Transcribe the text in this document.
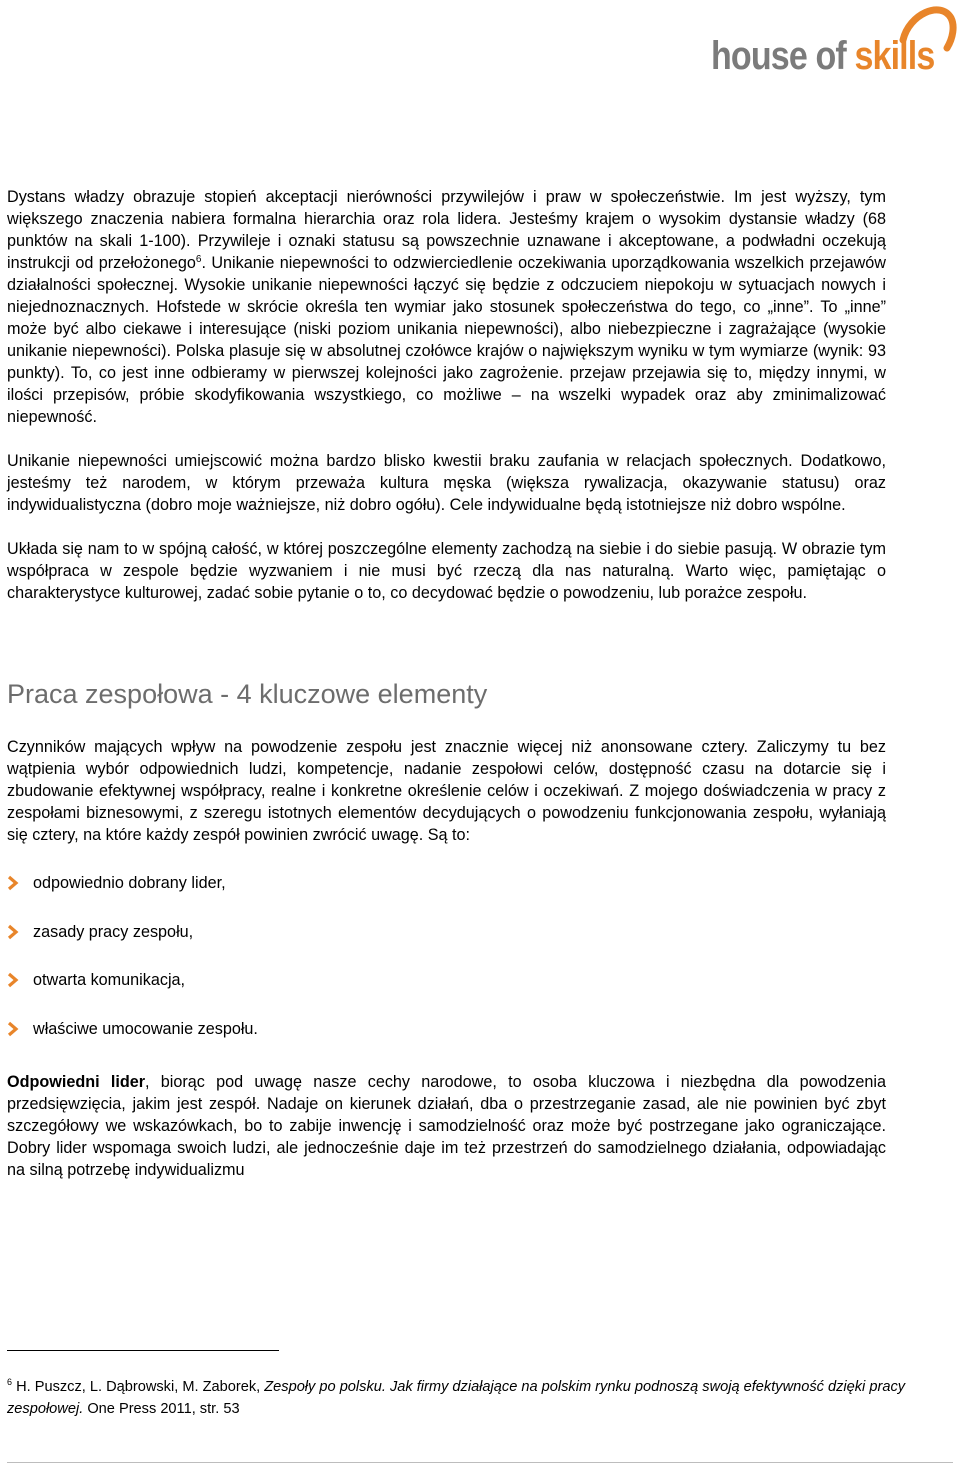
house of skills

Dystans władzy obrazuje stopień akceptacji nierówności przywilejów i praw w społeczeństwie. Im jest wyższy, tym większego znaczenia nabiera formalna hierarchia oraz rola lidera. Jesteśmy krajem o wysokim dystansie władzy (68 punktów na skali 1-100). Przywileje i oznaki statusu są powszechnie uznawane i akceptowane, a podwładni oczekują instrukcji od przełożonego$^6$. Unikanie niepewności to odzwierciedlenie oczekiwania uporządkowania wszelkich przejawów działalności społecznej. Wysokie unikanie niepewności łączyć się będzie z odczuciem niepokoju w sytuacjach nowych i niejednoznacznych. Hofstede w skrócie określa ten wymiar jako stosunek społeczeństwa do tego, co „inne”. To „inne” może być albo ciekawe i interesujące (niski poziom unikania niepewności), albo niebezpieczne i zagrażające (wysokie unikanie niepewności). Polska plasuje się w absolutnej czołówce krajów o największym wyniku w tym wymiarze (wynik: 93 punkty). To, co jest inne odbieramy w pierwszej kolejności jako zagrożenie. przejaw przejawia się to, między innymi, w ilości przepisów, próbie skodyfikowania wszystkiego, co możliwe – na wszelki wypadek oraz aby zminimalizować niepewność.

Unikanie niepewności umiejscowić można bardzo blisko kwestii braku zaufania w relacjach społecznych. Dodatkowo, jesteśmy też narodem, w którym przeważa kultura męska (większa rywalizacja, okazywanie statusu) oraz indywidualistyczna (dobro moje ważniejsze, niż dobro ogółu). Cele indywidualne będą istotniejsze niż dobro wspólne.

Układa się nam to w spójną całość, w której poszczególne elementy zachodzą na siebie i do siebie pasują. W obrazie tym współpraca w zespole będzie wyzwaniem i nie musi być rzeczą dla nas naturalną. Warto więc, pamiętając o charakterystyce kulturowej, zadać sobie pytanie o to, co decydować będzie o powodzeniu, lub porażce zespołu.

Praca zespołowa - 4 kluczowe elementy

Czynników mających wpływ na powodzenie zespołu jest znacznie więcej niż anonsowane cztery. Zaliczymy tu bez wątpienia wybór odpowiednich ludzi, kompetencje, nadanie zespołowi celów, dostępność czasu na dotarcie się i zbudowanie efektywnej współpracy, realne i konkretne określenie celów i oczekiwań. Z mojego doświadczenia w pracy z zespołami biznesowymi, z szeregu istotnych elementów decydujących o powodzeniu funkcjonowania zespołu, wyłaniają się cztery, na które każdy zespół powinien zwrócić uwagę. Są to:

odpowiednio dobrany lider,
zasady pracy zespołu,
otwarta komunikacja,
właściwe umocowanie zespołu.

Odpowiedni lider, biorąc pod uwagę nasze cechy narodowe, to osoba kluczowa i niezbędna dla powodzenia przedsięwzięcia, jakim jest zespół. Nadaje on kierunek działań, dba o przestrzeganie zasad, ale nie powinien być zbyt szczegółowy we wskazówkach, bo to zabije inwencję i samodzielność oraz może być postrzegane jako ograniczające. Dobry lider wspomaga swoich ludzi, ale jednocześnie daje im też przestrzeń do samodzielnego działania, odpowiadając na silną potrzebę indywidualizmu

$^6$ H. Puszcz, L. Dąbrowski, M. Zaborek, Zespoły po polsku. Jak firmy działające na polskim rynku podnoszą swoją efektywność dzięki pracy zespołowej. One Press 2011, str. 53
